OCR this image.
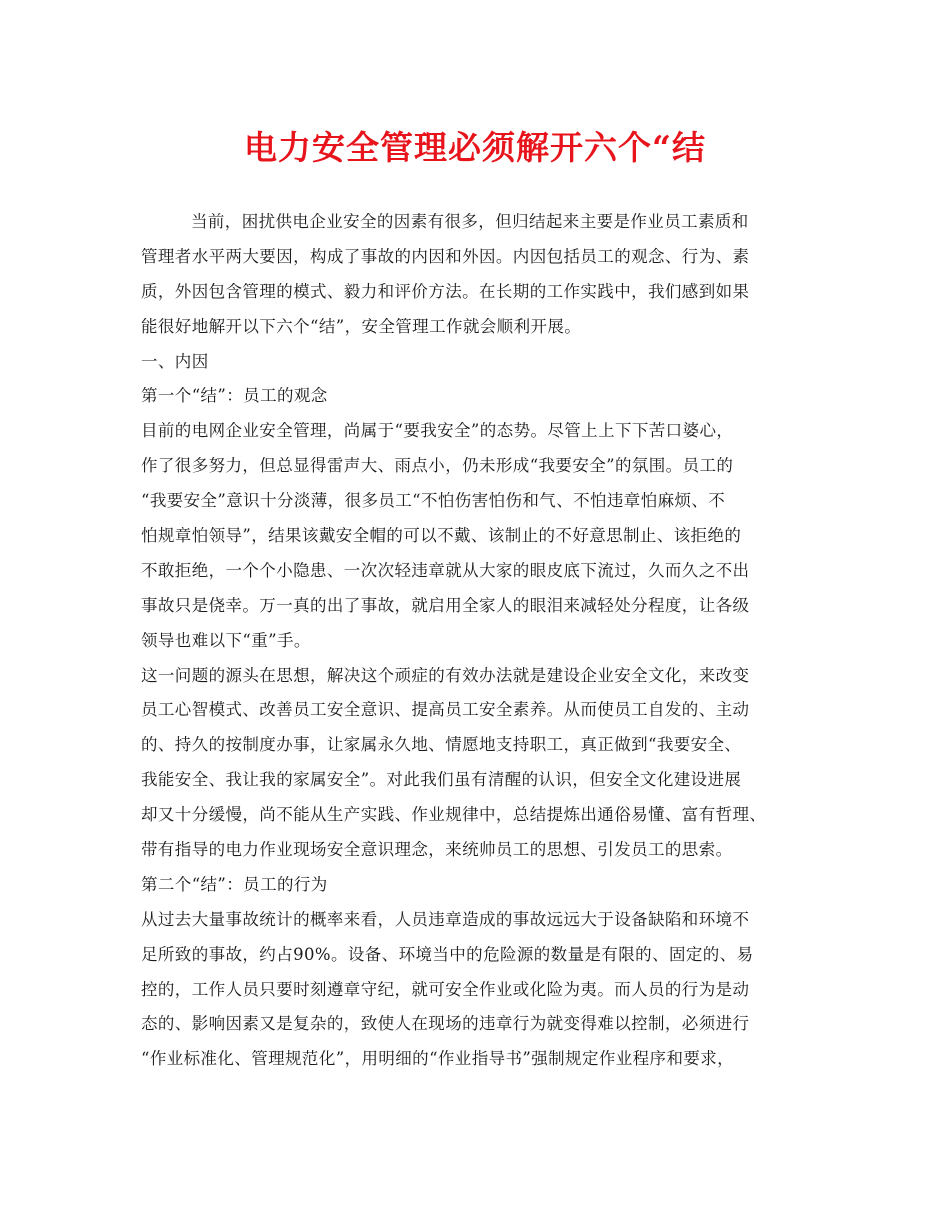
电力安全管理必须解开六个“结
当前，困扰供电企业安全的因素有很多，但归结起来主要是作业员工素质和
管理者水平两大要因，构成了事故的内因和外因。内因包括员工的观念、行为、素
质，外因包含管理的模式、毅力和评价方法。在长期的工作实践中，我们感到如果
能很好地解开以下六个“结”，安全管理工作就会顺利开展。
一、内因
第一个“结”：员工的观念
目前的电网企业安全管理，尚属于“要我安全”的态势。尽管上上下下苦口婆心，
作了很多努力，但总显得雷声大、雨点小，仍未形成“我要安全”的氛围。员工的
“我要安全”意识十分淡薄，很多员工“不怕伤害怕伤和气、不怕违章怕麻烦、不
怕规章怕领导”，结果该戴安全帽的可以不戴、该制止的不好意思制止、该拒绝的
不敢拒绝，一个个小隐患、一次次轻违章就从大家的眼皮底下流过，久而久之不出
事故只是侥幸。万一真的出了事故，就启用全家人的眼泪来减轻处分程度，让各级
领导也难以下“重”手。
这一问题的源头在思想，解决这个顽症的有效办法就是建设企业安全文化，来改变
员工心智模式、改善员工安全意识、提高员工安全素养。从而使员工自发的、主动
的、持久的按制度办事，让家属永久地、情愿地支持职工，真正做到“我要安全、
我能安全、我让我的家属安全”。对此我们虽有清醒的认识，但安全文化建设进展
却又十分缓慢，尚不能从生产实践、作业规律中，总结提炼出通俗易懂、富有哲理、
带有指导的电力作业现场安全意识理念，来统帅员工的思想、引发员工的思索。
第二个“结”：员工的行为
从过去大量事故统计的概率来看，人员违章造成的事故远远大于设备缺陷和环境不
足所致的事故，约占90%。设备、环境当中的危险源的数量是有限的、固定的、易
控的，工作人员只要时刻遵章守纪，就可安全作业或化险为夷。而人员的行为是动
态的、影响因素又是复杂的，致使人在现场的违章行为就变得难以控制，必须进行
“作业标准化、管理规范化”，用明细的“作业指导书”强制规定作业程序和要求，
